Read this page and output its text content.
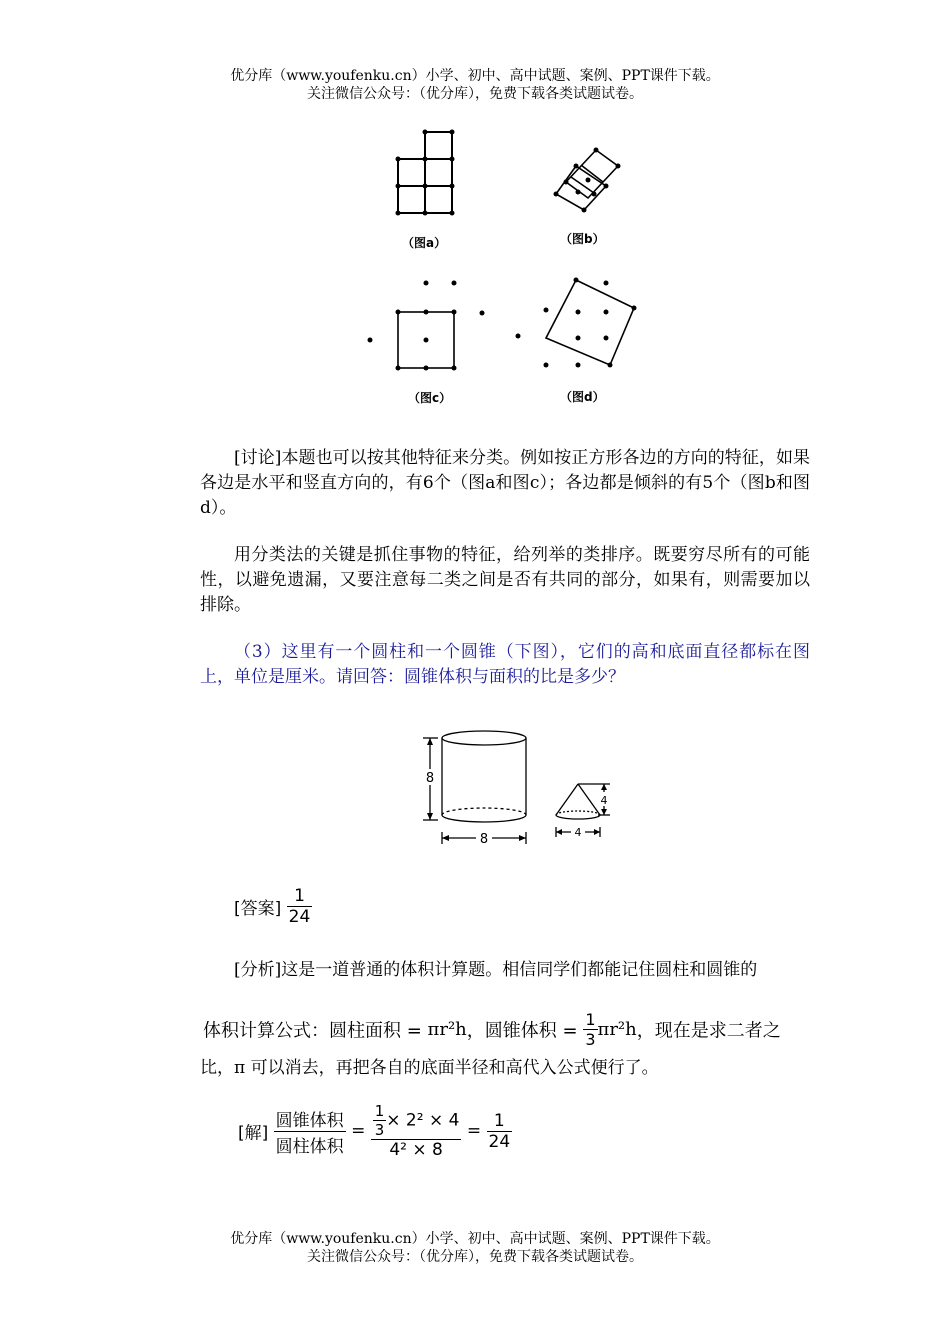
优分库（www.youfenku.cn）小学、初中、高中试题、案例、PPT课件下载。
关注微信公众号：（优分库），免费下载各类试题试卷。
（图a）	（图b）
（图c）	（图d）
[讨论]本题也可以按其他特征来分类。例如按正方形各边的方向的特征，如果各边是水平和竖直方向的，有6个（图a和图c）；各边都是倾斜的有5个（图b和图d）。
用分类法的关键是抓住事物的特征，给列举的类排序。既要穷尽所有的可能性，以避免遗漏，又要注意每二类之间是否有共同的部分，如果有，则需要加以排除。
（3）这里有一个圆柱和一个圆锥（下图），它们的高和底面直径都标在图上，单位是厘米。请回答：圆锥体积与面积的比是多少？
8
8
4
4
[答案] $\frac{1}{24}$
[分析]这是一道普通的体积计算题。相信同学们都能记住圆柱和圆锥的
体积计算公式：圆柱面积 = πr²h，圆锥体积 = $\frac{1}{3} \pi r^2h$，现在是求二者之
比，π 可以消去，再把各自的底面半径和高代入公式便行了。
[解] $\frac{\text{圆锥体积}}{\text{圆柱体积}} = \frac{\frac{1}{3} \times 2^2 \times 4}{\text{4² × 8}} = \frac{1}{24}$
优分库（www.youfenku.cn）小学、初中、高中试题、案例、PPT课件下载。
关注微信公众号：（优分库），免费下载各类试题试卷。
